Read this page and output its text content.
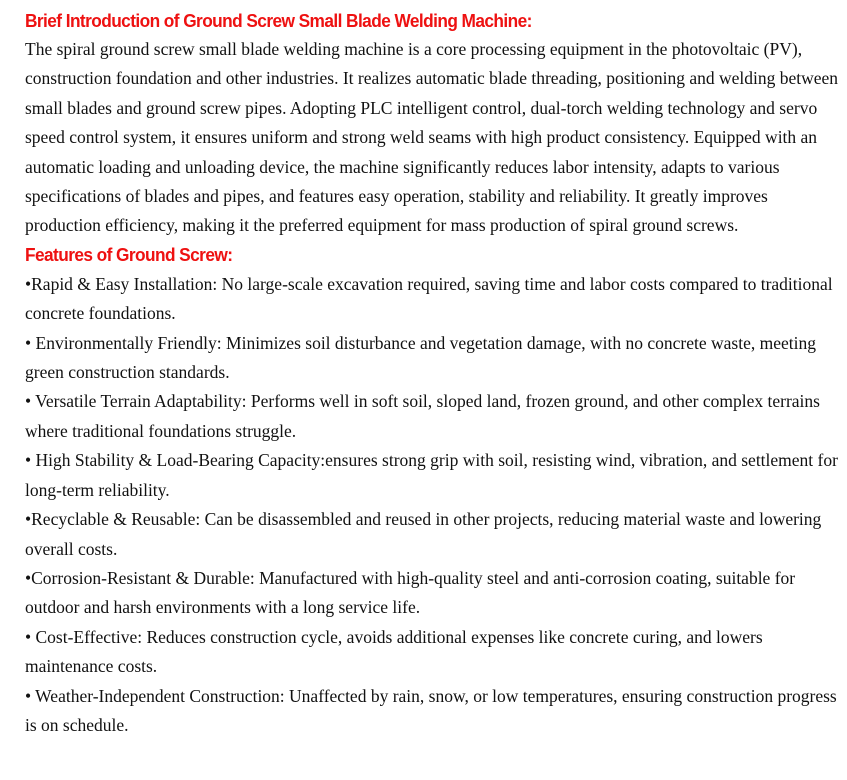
Brief Introduction of Ground Screw Small Blade Welding Machine:

The spiral ground screw small blade welding machine is a core processing equipment in the photovoltaic (PV), construction foundation and other industries. It realizes automatic blade threading, positioning and welding between small blades and ground screw pipes. Adopting PLC intelligent control, dual-torch welding technology and servo speed control system, it ensures uniform and strong weld seams with high product consistency. Equipped with an automatic loading and unloading device, the machine significantly reduces labor intensity, adapts to various specifications of blades and pipes, and features easy operation, stability and reliability. It greatly improves production efficiency, making it the preferred equipment for mass production of spiral ground screws.

Features of Ground Screw:
•Rapid & Easy Installation: No large-scale excavation required, saving time and labor costs compared to traditional concrete foundations.
• Environmentally Friendly: Minimizes soil disturbance and vegetation damage, with no concrete waste, meeting green construction standards.
• Versatile Terrain Adaptability: Performs well in soft soil, sloped land, frozen ground, and other complex terrains where traditional foundations struggle.
• High Stability & Load-Bearing Capacity:ensures strong grip with soil, resisting wind, vibration, and settlement for long-term reliability.
•Recyclable & Reusable: Can be disassembled and reused in other projects, reducing material waste and lowering overall costs.
•Corrosion-Resistant & Durable: Manufactured with high-quality steel and anti-corrosion coating, suitable for outdoor and harsh environments with a long service life.
• Cost-Effective: Reduces construction cycle, avoids additional expenses like concrete curing, and lowers maintenance costs.
• Weather-Independent Construction: Unaffected by rain, snow, or low temperatures, ensuring construction progress is on schedule.
